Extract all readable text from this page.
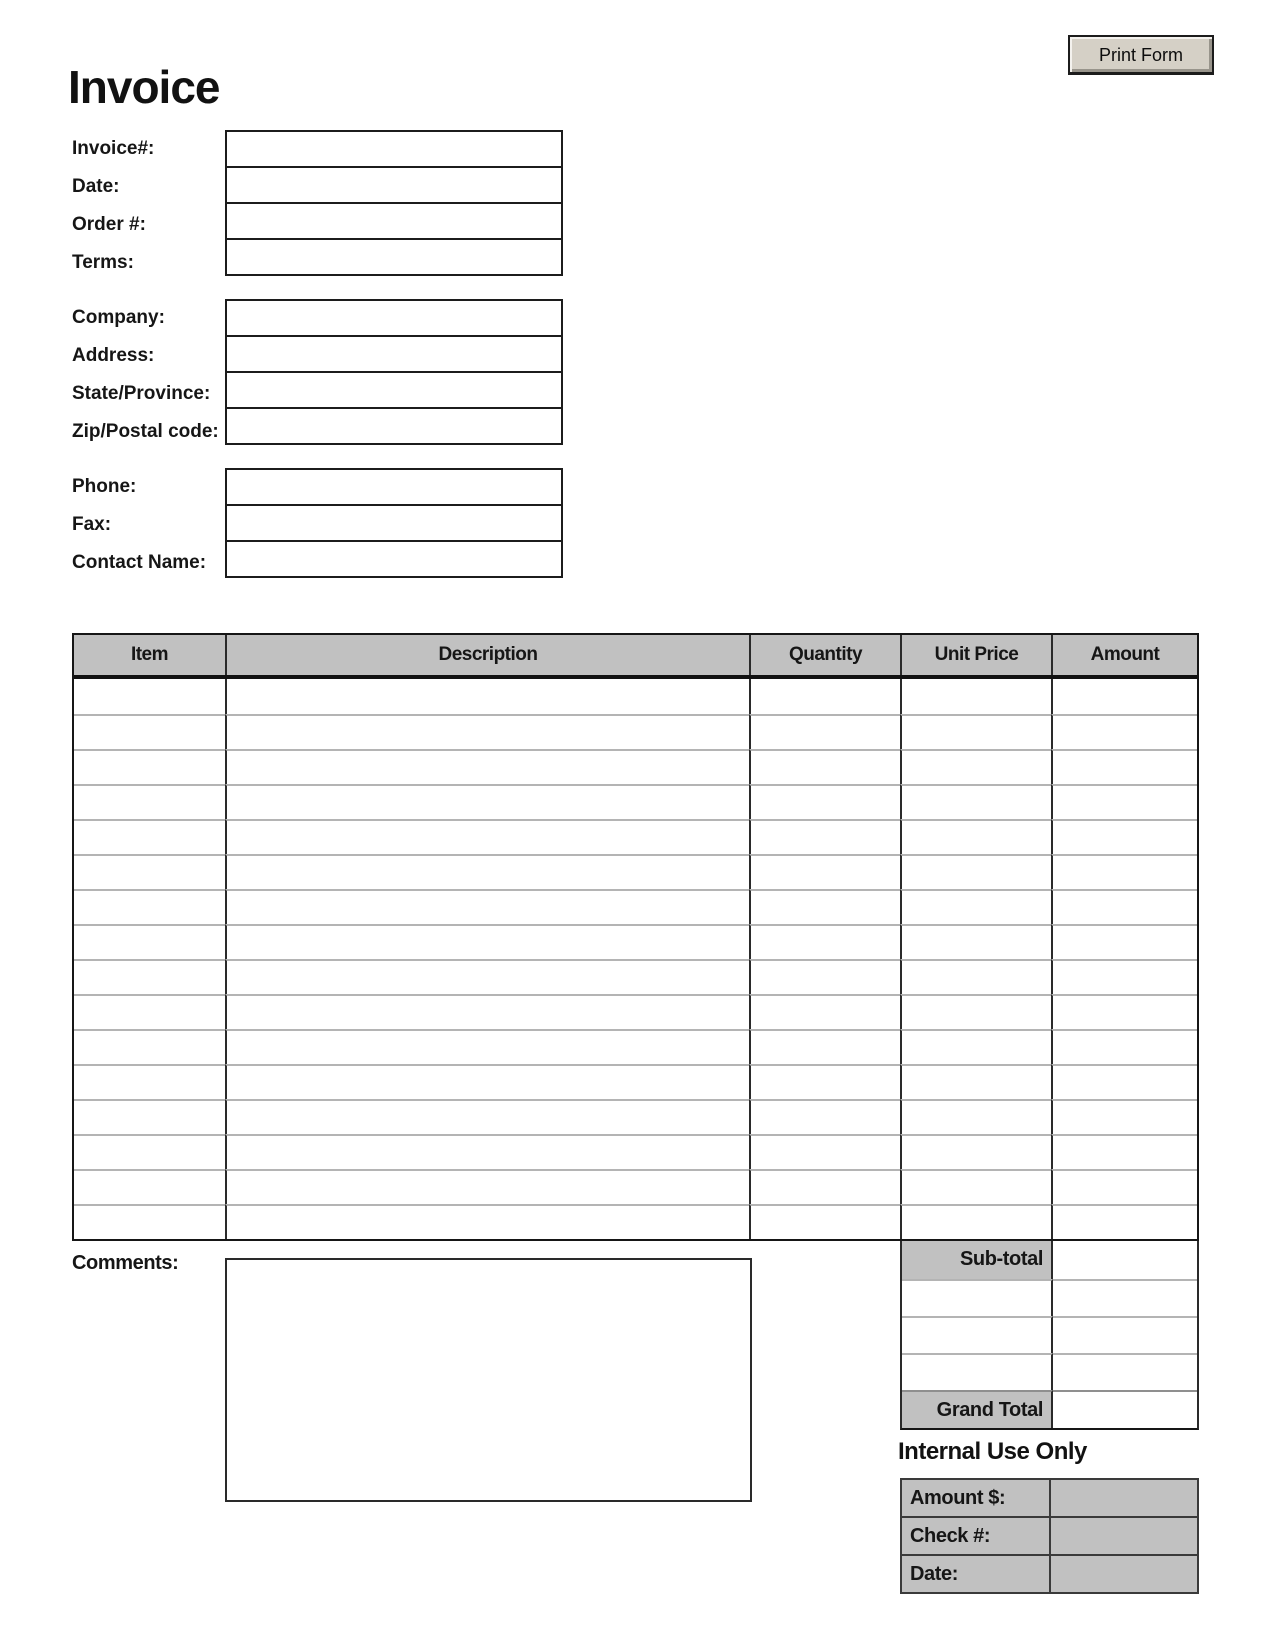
Print Form
Invoice
Invoice#:
Date:
Order #:
Terms:
Company:
Address:
State/Province:
Zip/Postal code:
Phone:
Fax:
Contact Name:
Item	Description	Quantity	Unit Price	Amount
Sub-total
Grand Total
Comments:
Internal Use Only
Amount $:
Check #:
Date:
